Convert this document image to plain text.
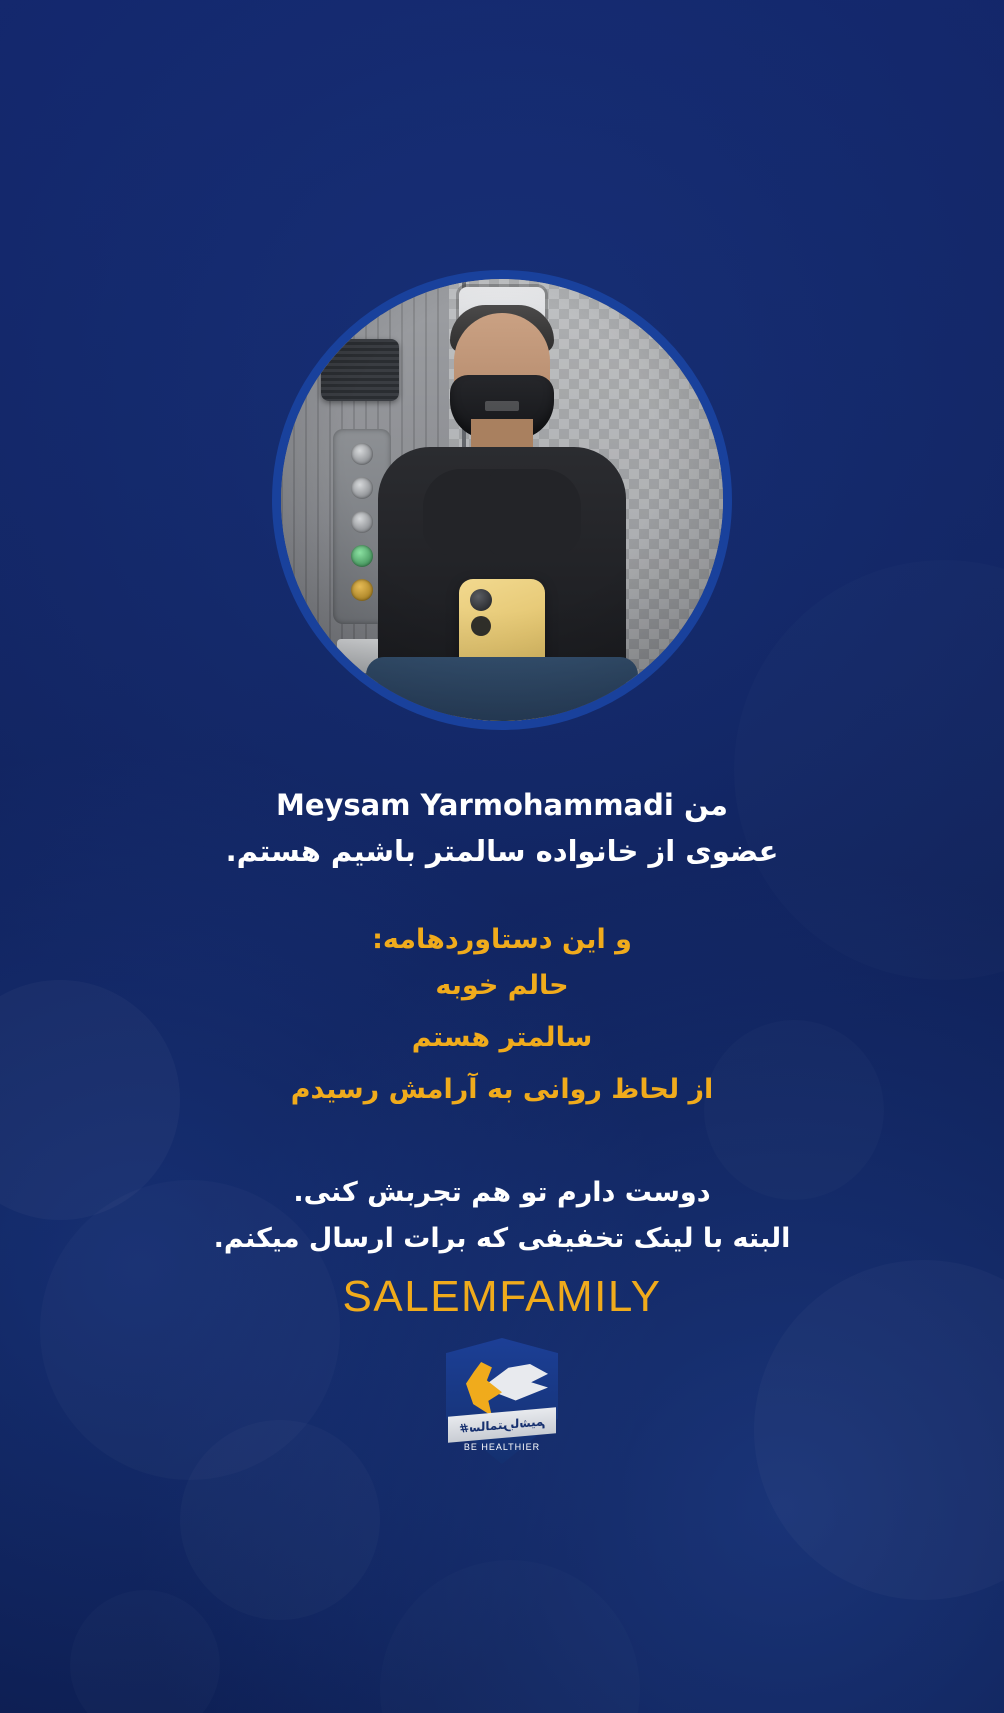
من Meysam Yarmohammadi
عضوی از خانواده سالمتر باشیم هستم.

و این دستاوردهامه:

حالم خوبه

سالمتر هستم

از لحاظ روانی به آرامش رسیدم

دوست دارم تو هم تجربش کنی.
البته با لینک تخفیفی که برات ارسال میکنم.

SALEMFAMILY
#سالمترباشیم
BE HEALTHIER
